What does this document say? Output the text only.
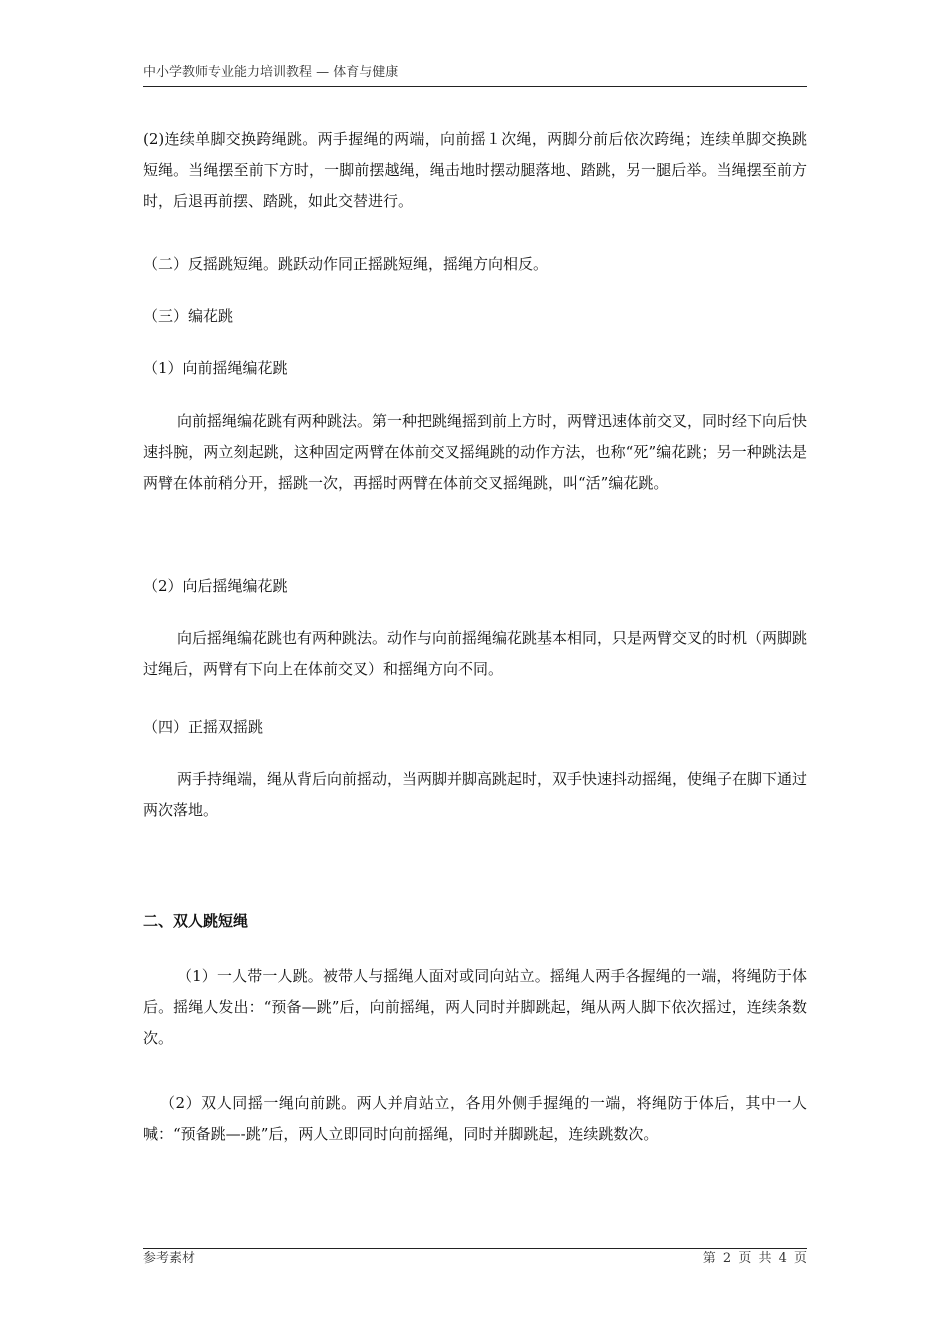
中小学教师专业能力培训教程 — 体育与健康

(2)连续单脚交换跨绳跳。两手握绳的两端，向前摇１次绳，两脚分前后依次跨绳；连续单脚交换跳短绳。当绳摆至前下方时，一脚前摆越绳，绳击地时摆动腿落地、踏跳，另一腿后举。当绳摆至前方时，后退再前摆、踏跳，如此交替进行。

（二）反摇跳短绳。跳跃动作同正摇跳短绳，摇绳方向相反。

（三）编花跳

（1）向前摇绳编花跳

向前摇绳编花跳有两种跳法。第一种把跳绳摇到前上方时，两臂迅速体前交叉，同时经下向后快速抖腕，两立刻起跳，这种固定两臂在体前交叉摇绳跳的动作方法，也称“死”编花跳；另一种跳法是两臂在体前稍分开，摇跳一次，再摇时两臂在体前交叉摇绳跳，叫“活”编花跳。

（2）向后摇绳编花跳

向后摇绳编花跳也有两种跳法。动作与向前摇绳编花跳基本相同，只是两臂交叉的时机（两脚跳过绳后，两臂有下向上在体前交叉）和摇绳方向不同。

（四）正摇双摇跳

两手持绳端，绳从背后向前摇动，当两脚并脚高跳起时，双手快速抖动摇绳，使绳子在脚下通过两次落地。

二、双人跳短绳

（1）一人带一人跳。被带人与摇绳人面对或同向站立。摇绳人两手各握绳的一端，将绳防于体后。摇绳人发出：“预备—跳”后，向前摇绳，两人同时并脚跳起，绳从两人脚下依次摇过，连续条数次。

（2）双人同摇一绳向前跳。两人并肩站立，各用外侧手握绳的一端，将绳防于体后，其中一人喊：“预备跳—-跳”后，两人立即同时向前摇绳，同时并脚跳起，连续跳数次。

参考素材	第 2 页 共 4 页
